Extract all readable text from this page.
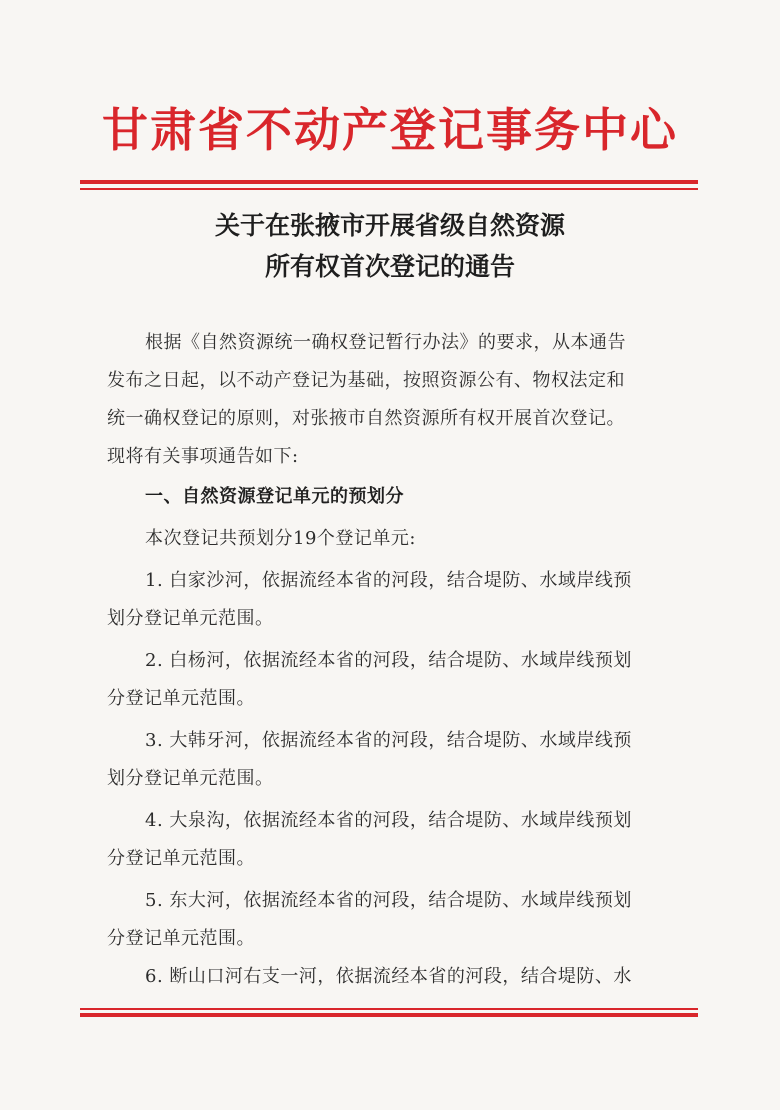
甘肃省不动产登记事务中心
关于在张掖市开展省级自然资源
所有权首次登记的通告
根据《自然资源统一确权登记暂行办法》的要求，从本通告
发布之日起，以不动产登记为基础，按照资源公有、物权法定和
统一确权登记的原则，对张掖市自然资源所有权开展首次登记。
现将有关事项通告如下:
一、自然资源登记单元的预划分
本次登记共预划分19个登记单元:
1. 白家沙河，依据流经本省的河段，结合堤防、水域岸线预
划分登记单元范围。
2. 白杨河，依据流经本省的河段，结合堤防、水域岸线预划
分登记单元范围。
3. 大韩牙河，依据流经本省的河段，结合堤防、水域岸线预
划分登记单元范围。
4. 大泉沟，依据流经本省的河段，结合堤防、水域岸线预划
分登记单元范围。
5. 东大河，依据流经本省的河段，结合堤防、水域岸线预划
分登记单元范围。
6. 断山口河右支一河，依据流经本省的河段，结合堤防、水
